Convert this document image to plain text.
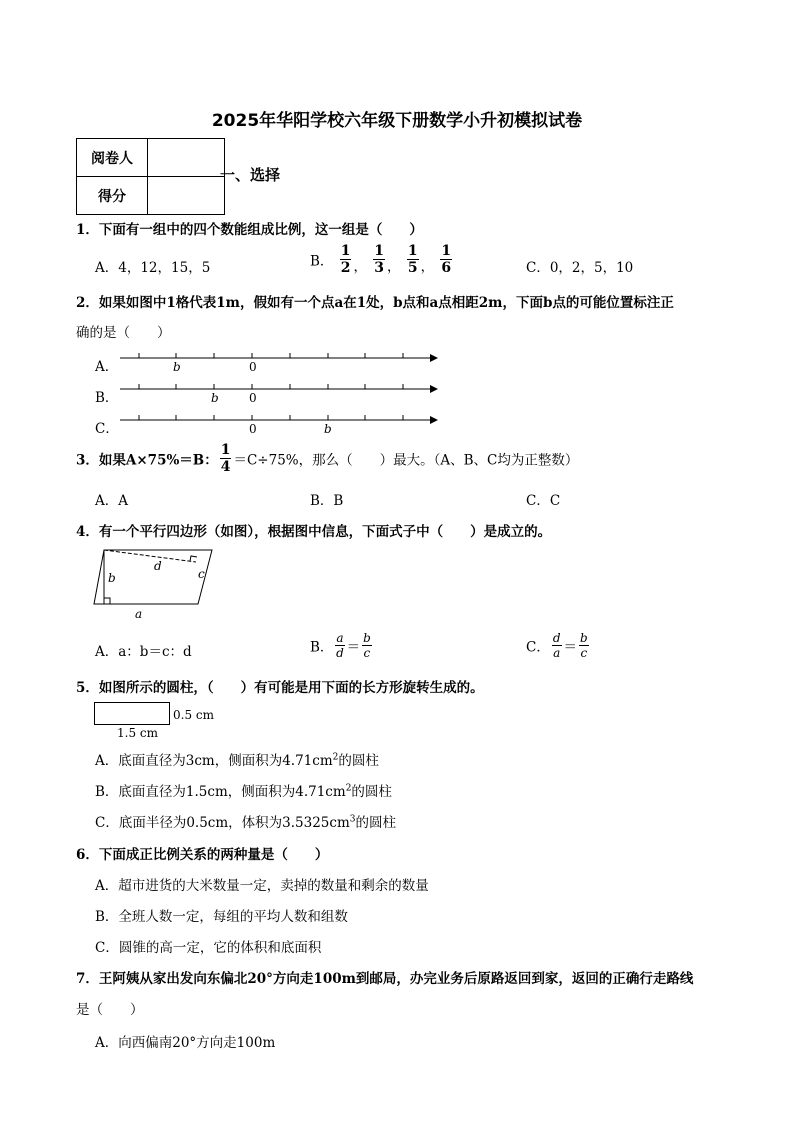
2025年华阳学校六年级下册数学小升初模拟试卷
阅卷人	
得分	
一、选择
1．下面有一组中的四个数能组成比例，这一组是（　　）
A．4，12，15，5	B． $\frac{1}{2}$ ， $\frac{1}{3}$ ， $\frac{1}{5}$ ， $\frac{1}{6}$	C．0，2，5，10
2．如果如图中1格代表1m，假如有一个点a在1处，b点和a点相距2m，下面b点的可能位置标注正
确的是（　　）
A．
B．
C．
b	0
b	0
0	b
3．如果A×75%＝B： $\frac{1}{4} =C\div 75\%$，那么（　　）最大。（A、B、C均为正整数）
A．A	B．B	C．C
4．有一个平行四边形（如图），根据图中信息，下面式子中（　　）是成立的。
b
d
c
a
A．a：b＝c：d	B． $\frac{a}{d} = \frac{b}{c}$	C． $\frac{d}{a} = \frac{b}{c}$
5．如图所示的圆柱，（　　）有可能是用下面的长方形旋转生成的。
0.5 cm
1.5 cm
A．底面直径为3cm，侧面积为$4.71cm^2$的圆柱
B．底面直径为1.5cm，侧面积为$4.71cm^2$的圆柱
C．底面半径为0.5cm，体积为$3.5325cm^3$的圆柱
6．下面成正比例关系的两种量是（　　）
A．超市进货的大米数量一定，卖掉的数量和剩余的数量
B．全班人数一定，每组的平均人数和组数
C．圆锥的高一定，它的体积和底面积
7．王阿姨从家出发向东偏北20°方向走100m到邮局，办完业务后原路返回到家，返回的正确行走路线
是（　　）
A．向西偏南20°方向走100m
